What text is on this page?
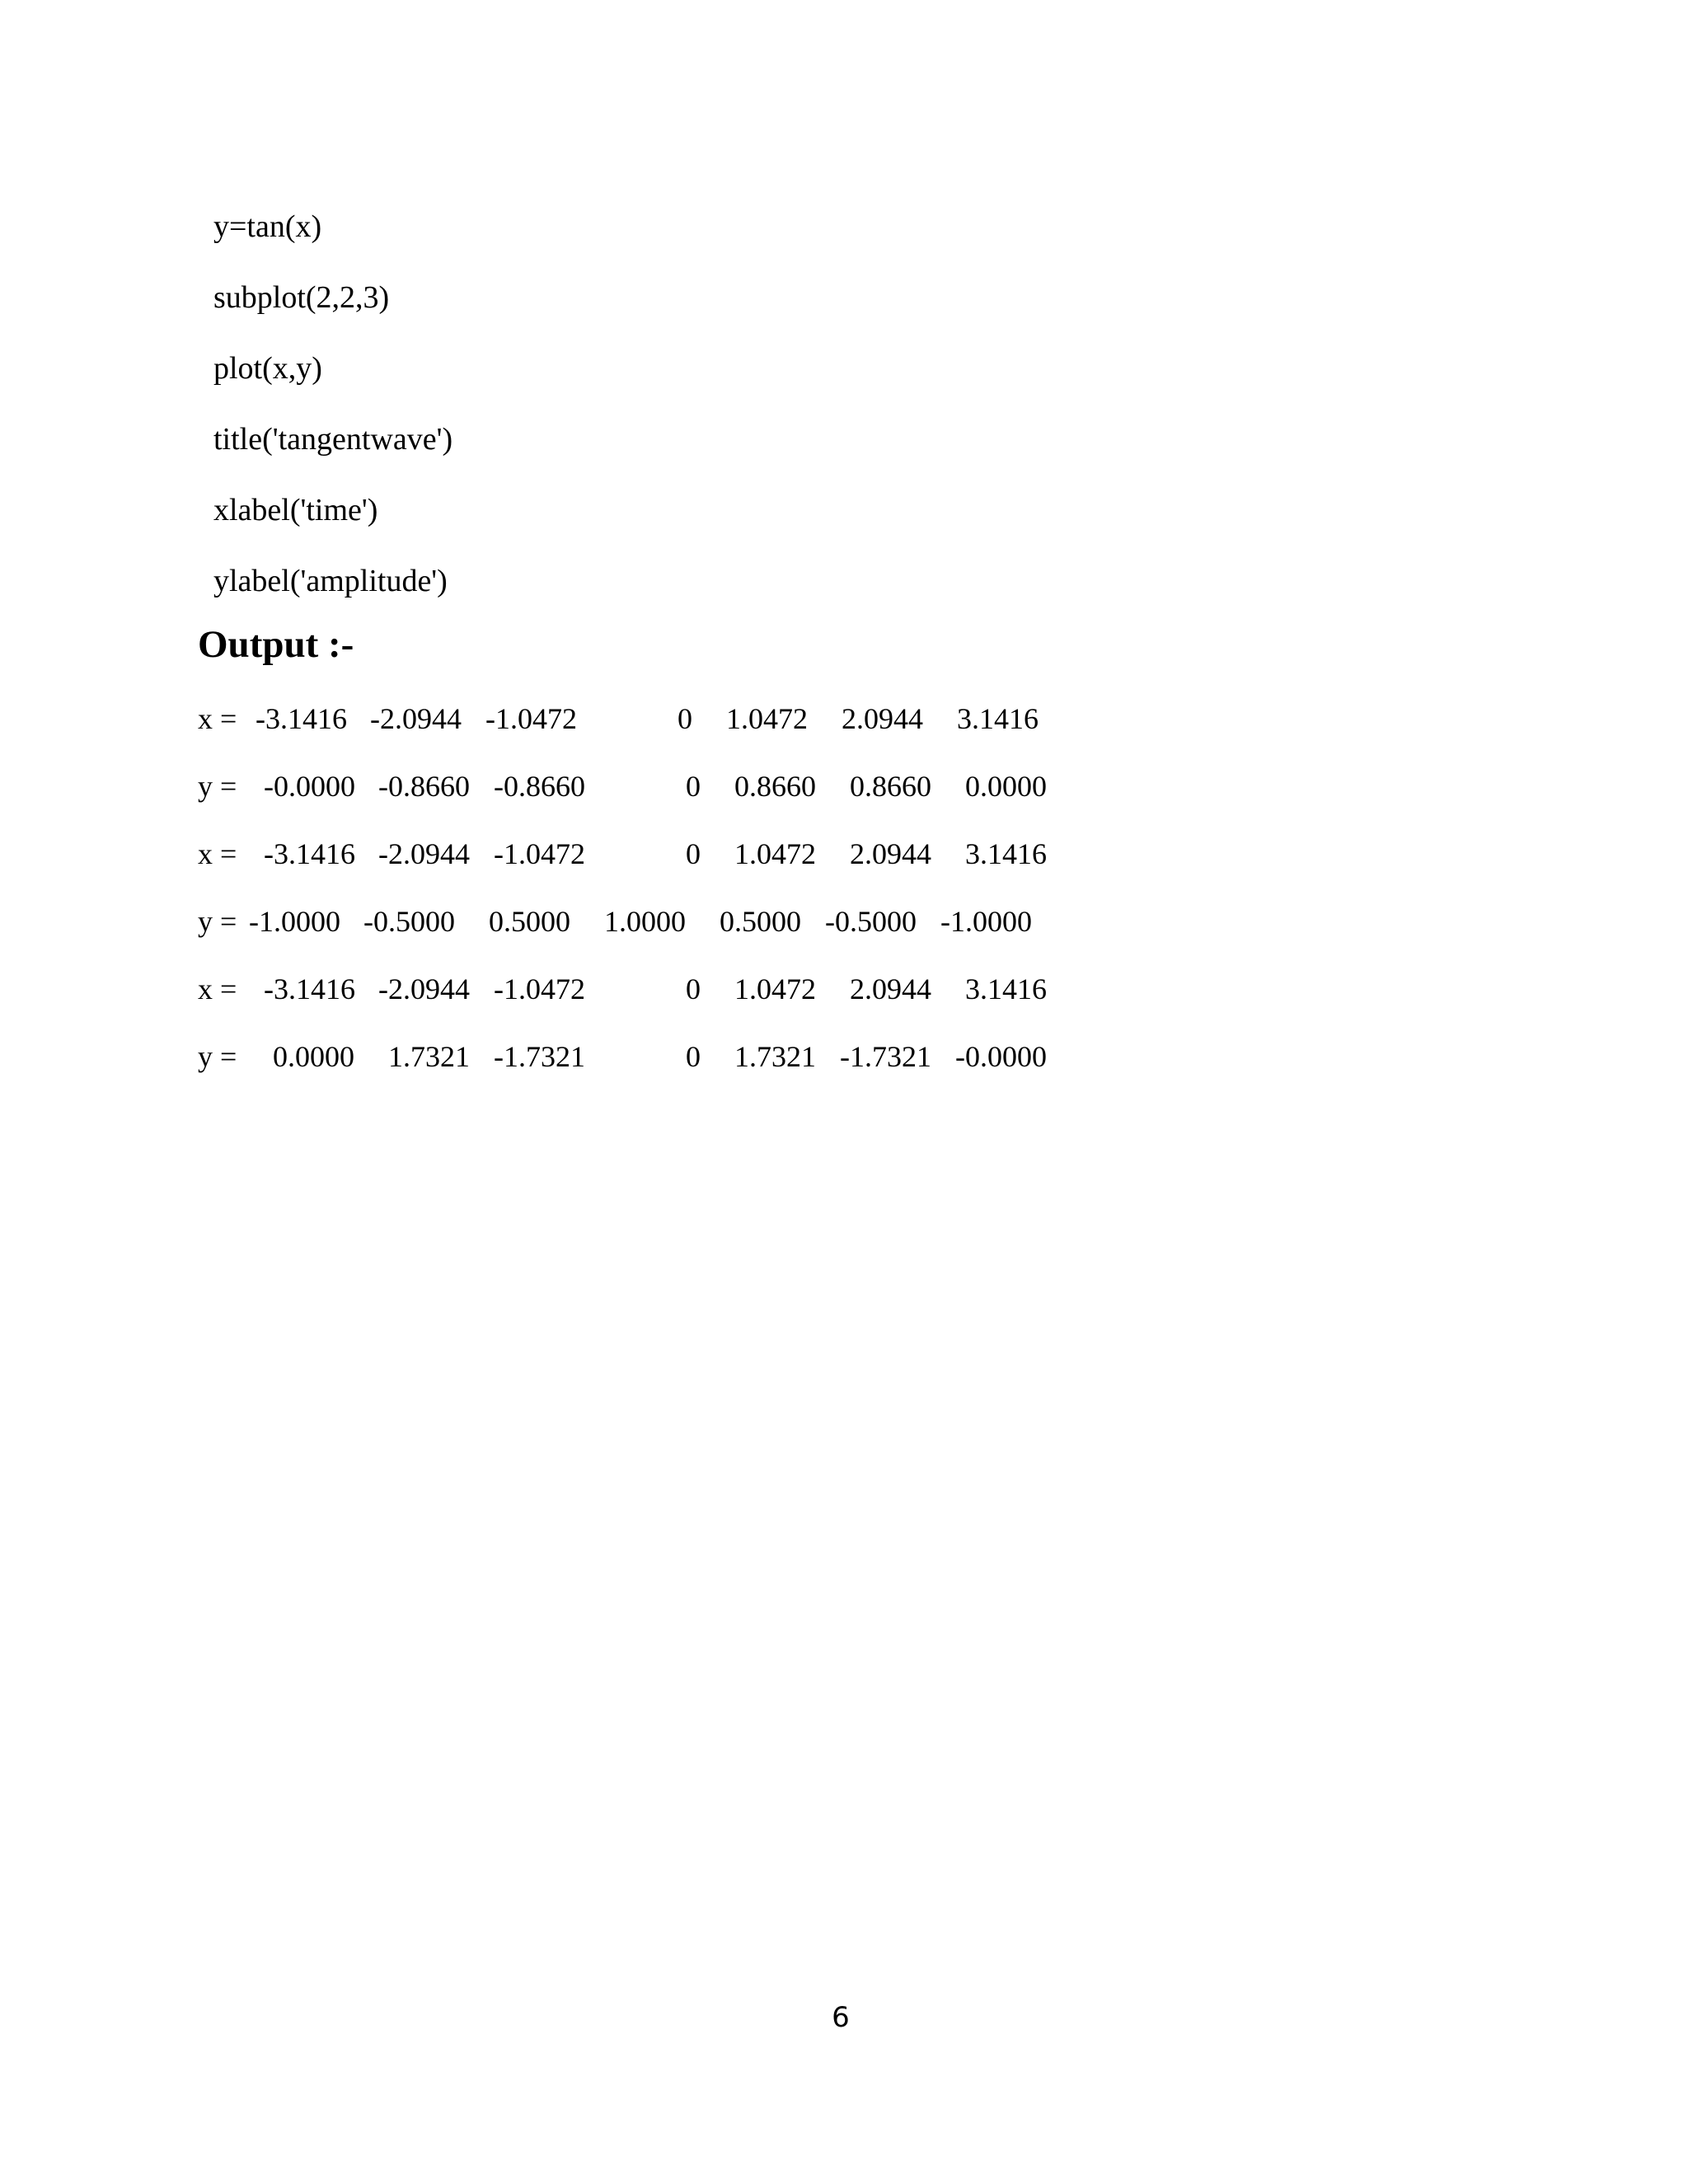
y=tan(x)
subplot(2,2,3)
plot(x,y)
title('tangentwave')
xlabel('time')
ylabel('amplitude')
Output :-
x = -3.1416 -2.0944 -1.0472	0	1.0472	2.0944	3.1416
y = -0.0000 -0.8660 -0.8660	0	0.8660	0.8660	0.0000
x = -3.1416 -2.0944 -1.0472	0	1.0472	2.0944	3.1416
y = -1.0000 -0.5000	0.5000	1.0000	0.5000 -0.5000 -1.0000
x = -3.1416 -2.0944 -1.0472	0	1.0472	2.0944	3.1416
y = 0.0000	1.7321 -1.7321	0	1.7321 -1.7321 -0.0000
6
